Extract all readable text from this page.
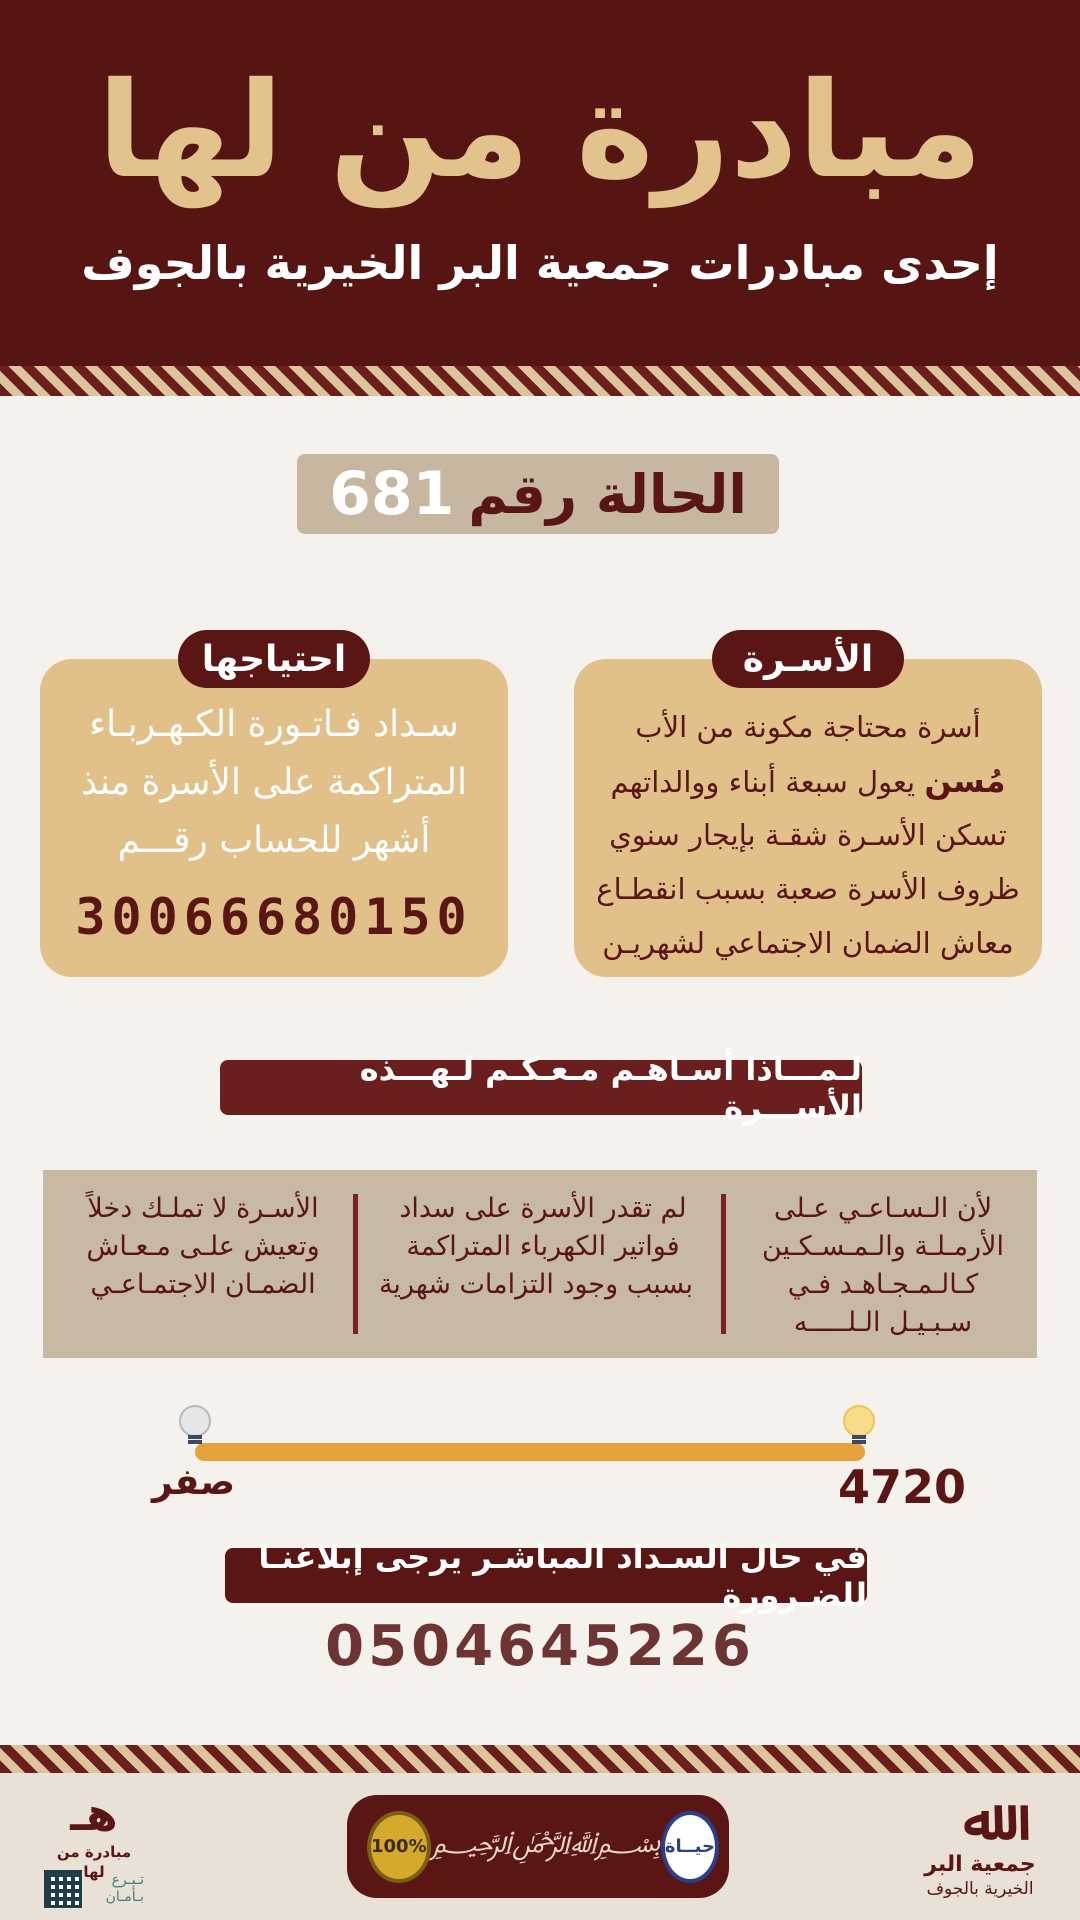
مبادرة من لها
إحدى مبادرات جمعية البر الخيرية بالجوف
الحالة رقم
681
الأسـرة
أسرة محتاجة مكونة من الأب
مُسن يعول سبعة أبناء ووالداتهم
تسكن الأسـرة شقـة بإيجار سنوي
ظروف الأسرة صعبة بسبب انقطـاع
معاش الضمان الاجتماعي لشهريـن
احتياجها
سـداد فـاتـورة الكـهـربـاء
المتراكمة على الأسرة منذ
أشهر للحساب رقـــم
30066680150
لـمـــاذا أسـاهـم مـعـكـم لـهـــذه الأســـرة
لأن الـسـاعـي عـلى
الأرمـلـة والـمـسـكـين
كـالـمـجـاهـد فـي
سـبـيـل الـلـــــه
لم تقدر الأسرة على سداد
فواتير الكهرباء المتراكمة
بسبب وجود التزامات شهرية
الأسـرة لا تملـك دخلاً
وتعيش علـى مـعـاش
الضمـان الاجتمـاعـي
صفر	4720
في حال السـداد المباشـر يرجى إبلاغنـا للضـرورة
0504645226
100% ﷽ حيــاة	ﷲ
جمعية البر
الخيرية بالجوف
ﻫـ
مبادرة من لها تـبـرع
بـأمـان
